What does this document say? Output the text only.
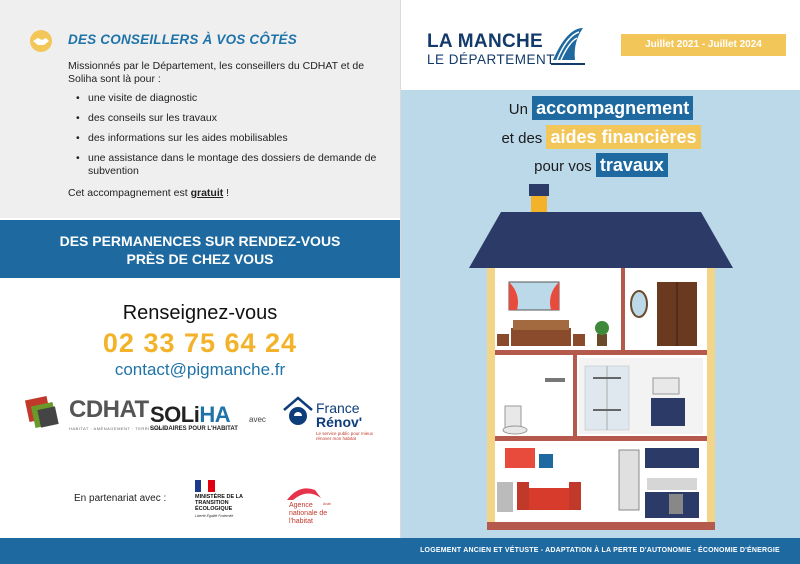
DES CONSEILLERS À VOS CÔTÉS
Missionnés par le Département, les conseillers du CDHAT et de Soliha sont là pour :
• une visite de diagnostic
• des conseils sur les travaux
• des informations sur les aides mobilisables
• une assistance dans le montage des dossiers de demande de subvention
Cet accompagnement est gratuit !
DES PERMANENCES SUR RENDEZ-VOUS
PRÈS DE CHEZ VOUS
Renseignez-vous
02 33 75 64 24
contact@pigmanche.fr
CDHAT
HABITAT · AMÉNAGEMENT · TERRITOIRES
SOLiHA
SOLIDAIRES POUR L'HABITAT
avec
France
Rénov'
Le service public pour mieux rénover mon habitat
En partenariat avec :	MINISTÈRE DE LA TRANSITION ÉCOLOGIQUE
Liberté Égalité Fraternité
Agence nationale de l'habitat
Anah
LA MANCHE
LE DÉPARTEMENT
Juillet 2021 - Juillet 2024
Un accompagnement
et des aides financières
pour vos travaux
LOGEMENT ANCIEN ET VÉTUSTE - ADAPTATION À LA PERTE D'AUTONOMIE - ÉCONOMIE D'ÉNERGIE
